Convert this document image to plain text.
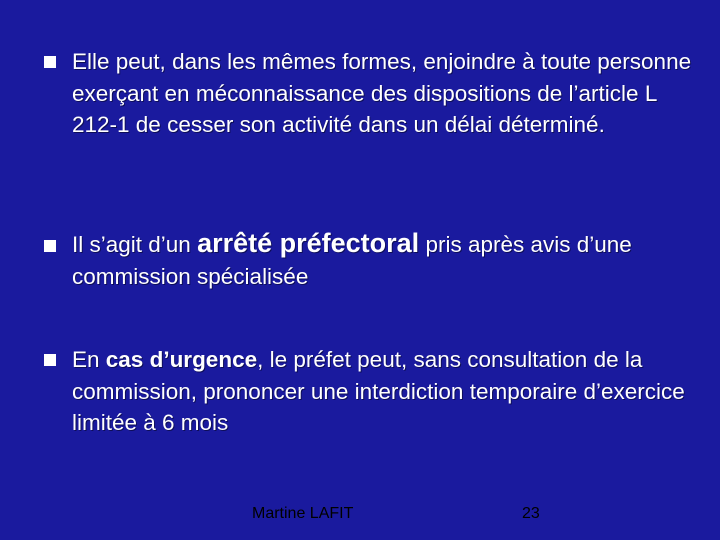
Elle peut, dans les mêmes formes, enjoindre à toute personne exerçant en méconnaissance des dispositions de l’article L 212-1 de cesser son activité dans un délai déterminé.
Il s’agit d’un arrêté préfectoral pris après avis d’une commission spécialisée
En cas d’urgence, le préfet peut, sans consultation de la commission, prononcer une interdiction temporaire d’exercice limitée à 6 mois
Martine LAFIT	23
